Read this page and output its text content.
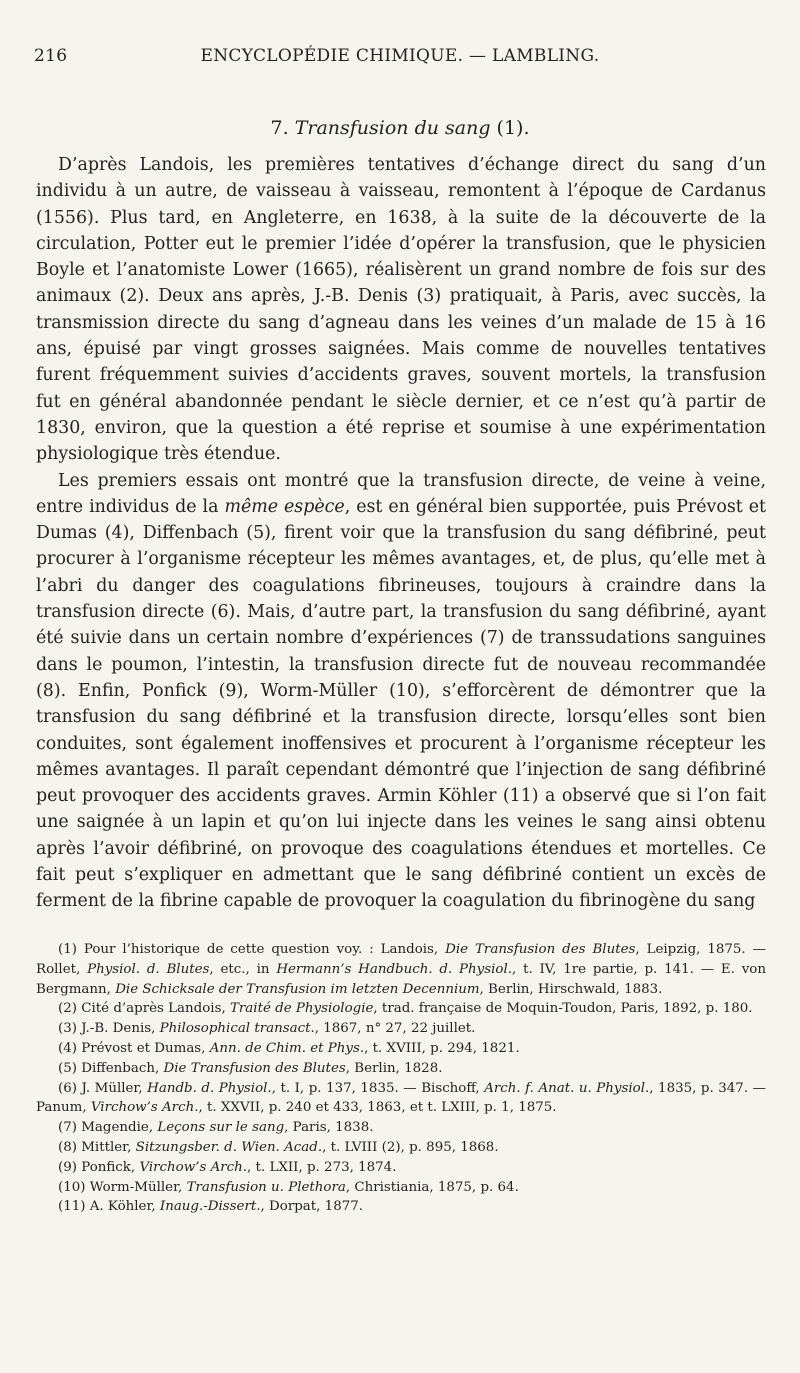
216	ENCYCLOPÉDIE CHIMIQUE. — LAMBLING.
7. Transfusion du sang (1).

D’après Landois, les premières tentatives d’échange direct du sang d’un individu à un autre, de vaisseau à vaisseau, remontent à l’époque de Cardanus (1556). Plus tard, en Angleterre, en 1638, à la suite de la découverte de la circulation, Potter eut le premier l’idée d’opérer la transfusion, que le physicien Boyle et l’anatomiste Lower (1665), réalisèrent un grand nombre de fois sur des animaux (2). Deux ans après, J.-B. Denis (3) pratiquait, à Paris, avec succès, la transmission directe du sang d’agneau dans les veines d’un malade de 15 à 16 ans, épuisé par vingt grosses saignées. Mais comme de nouvelles tentatives furent fréquemment suivies d’accidents graves, souvent mortels, la transfusion fut en général abandonnée pendant le siècle dernier, et ce n’est qu’à partir de 1830, environ, que la question a été reprise et soumise à une expérimentation physiologique très étendue.

Les premiers essais ont montré que la transfusion directe, de veine à veine, entre individus de la même espèce, est en général bien supportée, puis Prévost et Dumas (4), Diffenbach (5), firent voir que la transfusion du sang défibriné, peut procurer à l’organisme récepteur les mêmes avantages, et, de plus, qu’elle met à l’abri du danger des coagulations fibrineuses, toujours à craindre dans la transfusion directe (6). Mais, d’autre part, la transfusion du sang défibriné, ayant été suivie dans un certain nombre d’expériences (7) de transsudations sanguines dans le poumon, l’intestin, la transfusion directe fut de nouveau recommandée (8). Enfin, Ponfick (9), Worm-Müller (10), s’efforcèrent de démontrer que la transfusion du sang défibriné et la transfusion directe, lorsqu’elles sont bien conduites, sont également inoffensives et procurent à l’organisme récepteur les mêmes avantages. Il paraît cependant démontré que l’injection de sang défibriné peut provoquer des accidents graves. Armin Köhler (11) a observé que si l’on fait une saignée à un lapin et qu’on lui injecte dans les veines le sang ainsi obtenu après l’avoir défibriné, on provoque des coagulations étendues et mortelles. Ce fait peut s’expliquer en admettant que le sang défibriné contient un excès de ferment de la fibrine capable de provoquer la coagulation du fibrinogène du sang

(1) Pour l’historique de cette question voy. : Landois, Die Transfusion des Blutes, Leipzig, 1875. — Rollet, Physiol. d. Blutes, etc., in Hermann’s Handbuch. d. Physiol., t. IV, 1re partie, p. 141. — E. von Bergmann, Die Schicksale der Transfusion im letzten Decennium, Berlin, Hirschwald, 1883.

(2) Cité d’après Landois, Traité de Physiologie, trad. française de Moquin-Toudon, Paris, 1892, p. 180.

(3) J.-B. Denis, Philosophical transact., 1867, n° 27, 22 juillet.

(4) Prévost et Dumas, Ann. de Chim. et Phys., t. XVIII, p. 294, 1821.

(5) Diffenbach, Die Transfusion des Blutes, Berlin, 1828.

(6) J. Müller, Handb. d. Physiol., t. I, p. 137, 1835. — Bischoff, Arch. f. Anat. u. Physiol., 1835, p. 347. — Panum, Virchow’s Arch., t. XXVII, p. 240 et 433, 1863, et t. LXIII, p. 1, 1875.

(7) Magendie, Leçons sur le sang, Paris, 1838.

(8) Mittler, Sitzungsber. d. Wien. Acad., t. LVIII (2), p. 895, 1868.

(9) Ponfick, Virchow’s Arch., t. LXII, p. 273, 1874.

(10) Worm-Müller, Transfusion u. Plethora, Christiania, 1875, p. 64.

(11) A. Köhler, Inaug.-Dissert., Dorpat, 1877.
